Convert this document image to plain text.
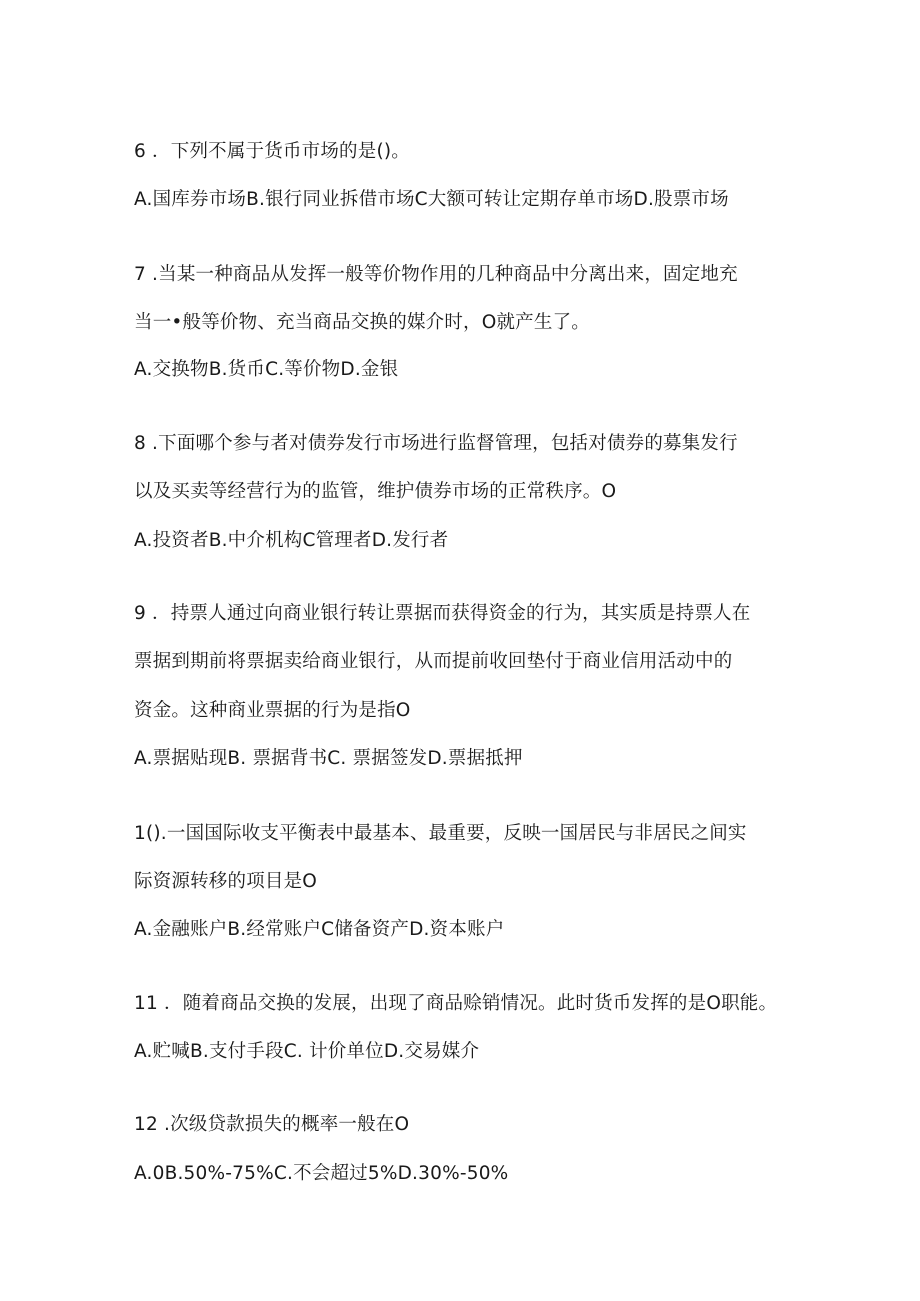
6 ．下列不属于货币市场的是()。
A.国库券市场B.银行同业拆借市场C大额可转让定期存单市场D.股票市场
7 .当某一种商品从发挥一般等价物作用的几种商品中分离出来，固定地充
当一•般等价物、充当商品交换的媒介时，O就产生了。
A.交换物B.货币C.等价物D.金银
8 .下面哪个参与者对债券发行市场进行监督管理，包括对债券的募集发行
以及买卖等经营行为的监管，维护债券市场的正常秩序。O
A.投资者B.中介机构C管理者D.发行者
9 ．持票人通过向商业银行转让票据而获得资金的行为，其实质是持票人在
票据到期前将票据卖给商业银行，从而提前收回垫付于商业信用活动中的
资金。这种商业票据的行为是指O
A.票据贴现B. 票据背书C. 票据签发D.票据抵押
1().一国国际收支平衡表中最基本、最重要，反映一国居民与非居民之间实
际资源转移的项目是O
A.金融账户B.经常账户C储备资产D.资本账户
11 ．随着商品交换的发展，出现了商品赊销情况。此时货币发挥的是O职能。
A.贮喊B.支付手段C. 计价单位D.交易媒介
12 .次级贷款损失的概率一般在O
A.0B.50%-75%C.不会超过5%D.30%-50%
